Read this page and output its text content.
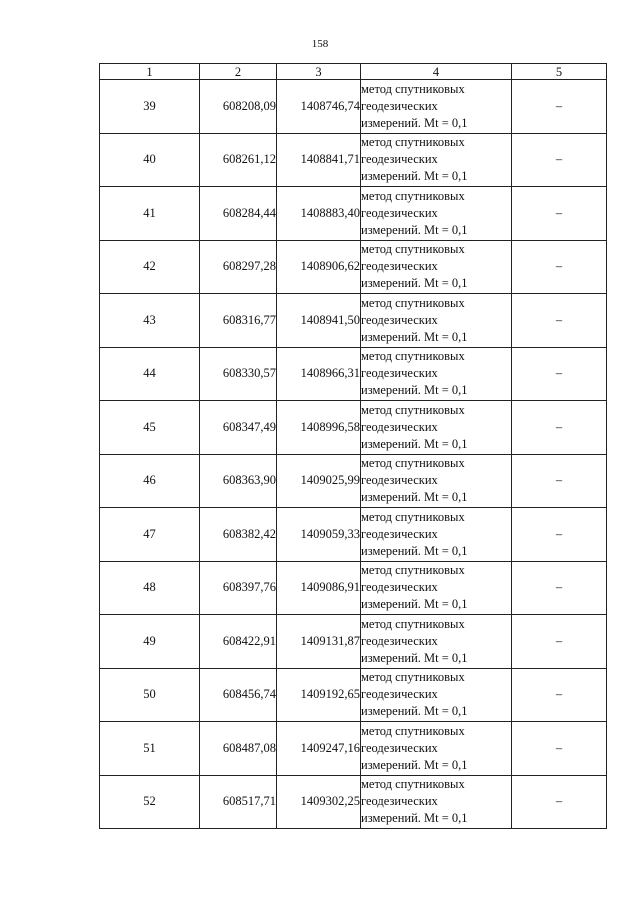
158
1	2	3	4	5
39	608208,09	1408746,74	метод спутниковых
геодезических
измерений. Mt = 0,1	–
40	608261,12	1408841,71	метод спутниковых
геодезических
измерений. Mt = 0,1	–
41	608284,44	1408883,40	метод спутниковых
геодезических
измерений. Mt = 0,1	–
42	608297,28	1408906,62	метод спутниковых
геодезических
измерений. Mt = 0,1	–
43	608316,77	1408941,50	метод спутниковых
геодезических
измерений. Mt = 0,1	–
44	608330,57	1408966,31	метод спутниковых
геодезических
измерений. Mt = 0,1	–
45	608347,49	1408996,58	метод спутниковых
геодезических
измерений. Mt = 0,1	–
46	608363,90	1409025,99	метод спутниковых
геодезических
измерений. Mt = 0,1	–
47	608382,42	1409059,33	метод спутниковых
геодезических
измерений. Mt = 0,1	–
48	608397,76	1409086,91	метод спутниковых
геодезических
измерений. Mt = 0,1	–
49	608422,91	1409131,87	метод спутниковых
геодезических
измерений. Mt = 0,1	–
50	608456,74	1409192,65	метод спутниковых
геодезических
измерений. Mt = 0,1	–
51	608487,08	1409247,16	метод спутниковых
геодезических
измерений. Mt = 0,1	–
52	608517,71	1409302,25	метод спутниковых
геодезических
измерений. Mt = 0,1	–
